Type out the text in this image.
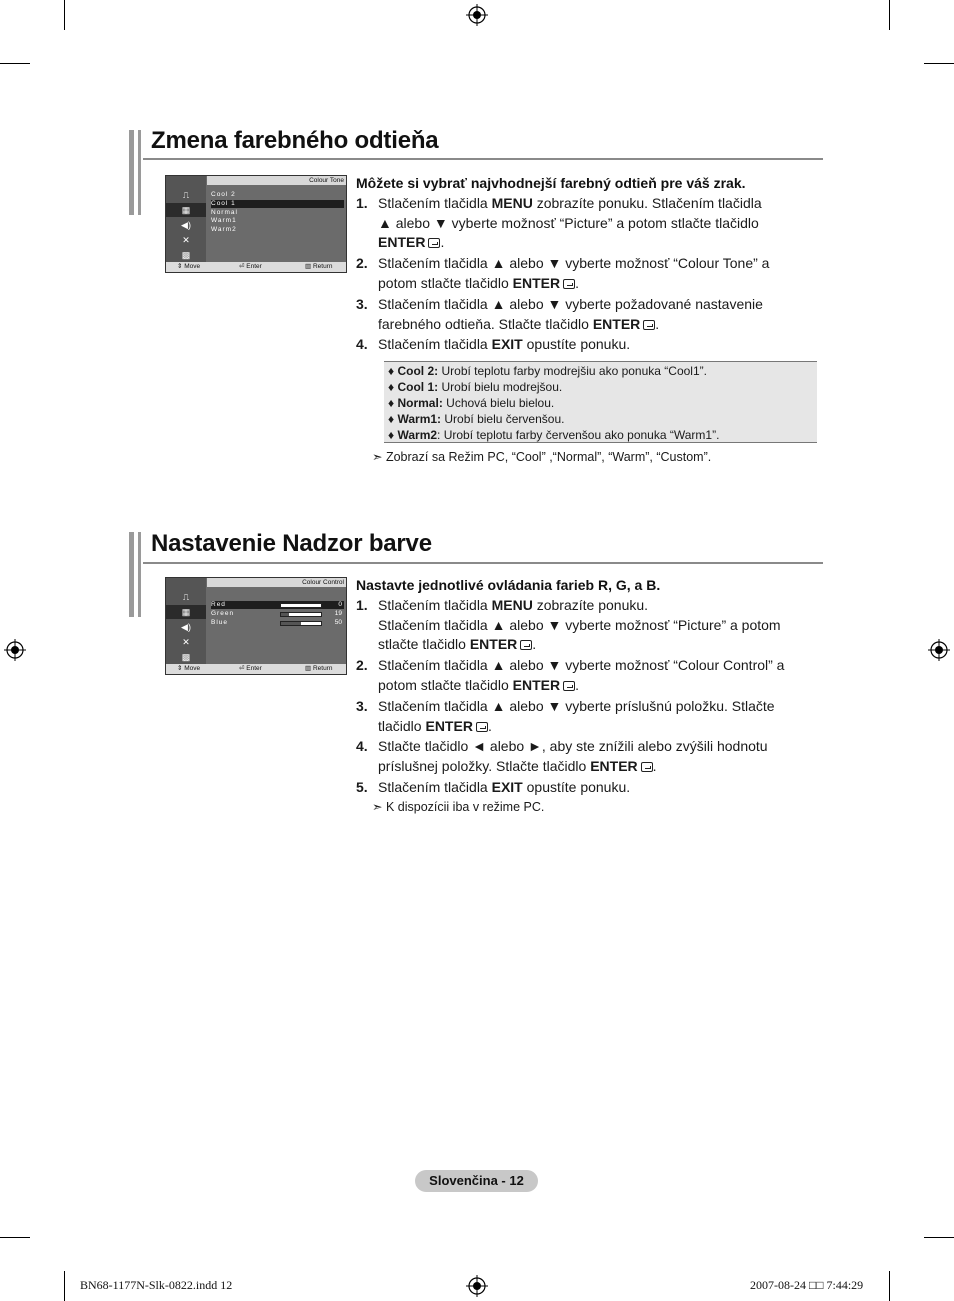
Zmena farebného odtieňa
Colour Tone
⎍
▦
◀)
✕
▩
Cool 2
Cool 1
Normal
Warm1
Warm2
⇕ Move	⏎ Enter	▥ Return
Môžete si vybrať najvhodnejší farebný odtieň pre váš zrak.
1. Stlačením tlačidla MENU zobrazíte ponuku. Stlačením tlačidla
▲ alebo ▼ vyberte možnosť “Picture” a potom stlačte tlačidlo
ENTER .
2. Stlačením tlačidla ▲ alebo ▼ vyberte možnosť “Colour Tone” a
potom stlačte tlačidlo ENTER .
3. Stlačením tlačidla ▲ alebo ▼ vyberte požadované nastavenie
farebného odtieňa. Stlačte tlačidlo ENTER .
4. Stlačením tlačidla EXIT opustíte ponuku.
♦ Cool 2: Urobí teplotu farby modrejšiu ako ponuka “Cool1”.
♦ Cool 1: Urobí bielu modrejšou.
♦ Normal: Uchová bielu bielou.
♦ Warm1: Urobí bielu červenšou.
♦ Warm2: Urobí teplotu farby červenšou ako ponuka “Warm1”.
➣ Zobrazí sa Režim PC, “Cool” ,“Normal”, “Warm”, “Custom”.
Nastavenie Nadzor barve
Colour Control
⎍
▦
◀)
✕
▩
Red	0
Green	19
Blue	50
⇕ Move	⏎ Enter	▥ Return
Nastavte jednotlivé ovládania farieb R, G, a B.
1. Stlačením tlačidla MENU zobrazíte ponuku.
Stlačením tlačidla ▲ alebo ▼ vyberte možnosť “Picture” a potom
stlačte tlačidlo ENTER .
2. Stlačením tlačidla ▲ alebo ▼ vyberte možnosť “Colour Control” a
potom stlačte tlačidlo ENTER .
3. Stlačením tlačidla ▲ alebo ▼ vyberte príslušnú položku. Stlačte
tlačidlo ENTER .
4. Stlačte tlačidlo ◄ alebo ►, aby ste znížili alebo zvýšili hodnotu
príslušnej položky. Stlačte tlačidlo ENTER .
5. Stlačením tlačidla EXIT opustíte ponuku.
➣ K dispozícii iba v režime PC.
Slovenčina - 12
BN68-1177N-Slk-0822.indd 12	2007-08-24 □□ 7:44:29
